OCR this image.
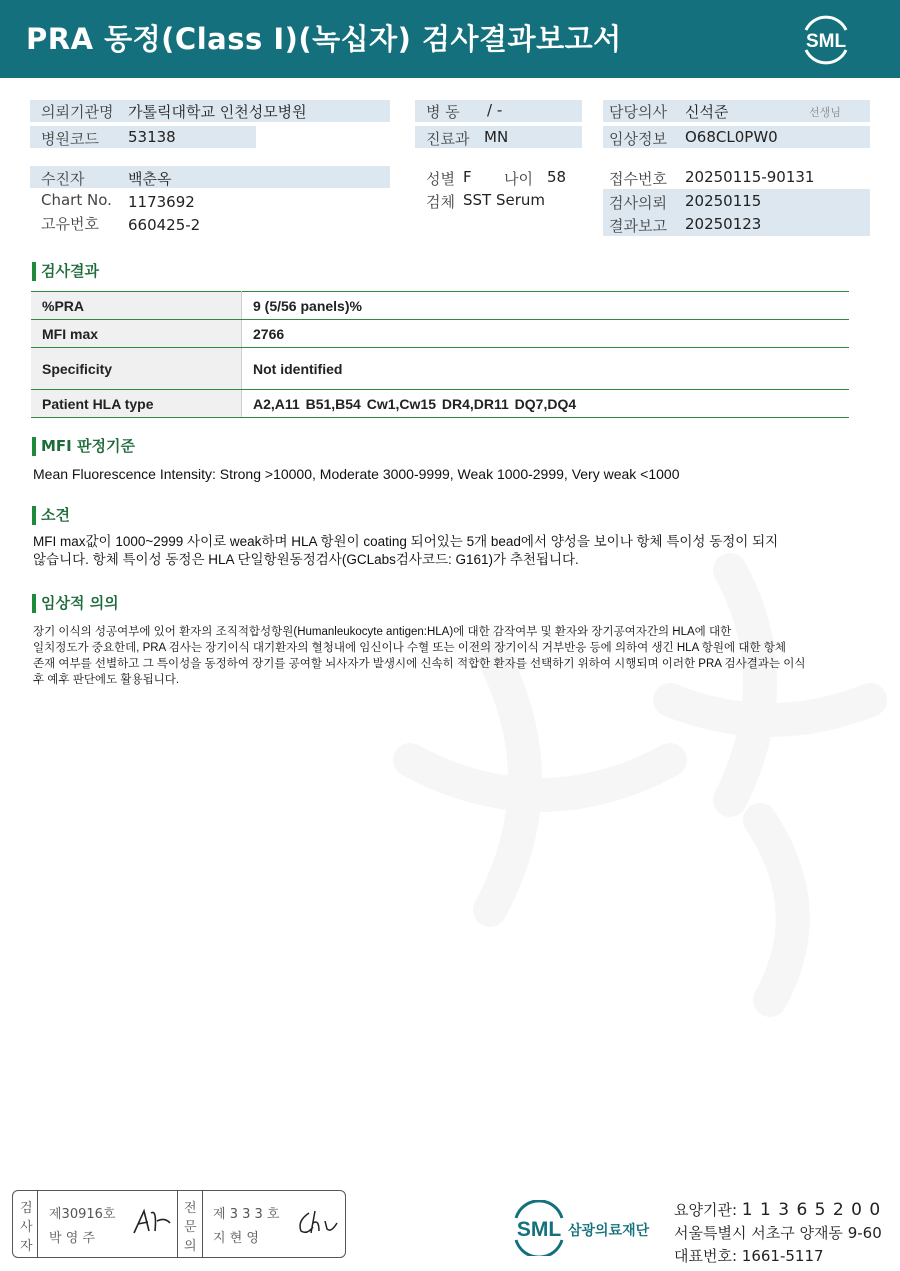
PRA 동정(Class I)(녹십자) 검사결과보고서	SML
의뢰기관명 가톨릭대학교 인천성모병원
병원코드 53138
병 동 / -
진료과 MN
담당의사 신석준	선생님
임상정보 O68CL0PW0
수진자	백춘옥
Chart No. 1173692
고유번호 660425-2
성별 F 나이 58
검체 SST Serum
접수번호 20250115-90131
검사의뢰 20250115
결과보고 20250123
검사결과
%PRA	9 (5/56 panels)%
MFI max	2766
Specificity	Not identified
Patient HLA type	A2,A11 B51,B54 Cw1,Cw15 DR4,DR11 DQ7,DQ4
MFI 판정기준
Mean Fluorescence Intensity: Strong >10000, Moderate 3000-9999, Weak 1000-2999, Very weak <1000
소견
MFI max값이 1000~2999 사이로 weak하며 HLA 항원이 coating 되어있는 5개 bead에서 양성을 보이나 항체 특이성 동정이 되지
않습니다. 항체 특이성 동정은 HLA 단일항원동정검사(GCLabs검사코드: G161)가 추천됩니다.
임상적 의의
장기 이식의 성공여부에 있어 환자의 조직적합성항원(Humanleukocyte antigen:HLA)에 대한 감작여부 및 환자와 장기공여자간의 HLA에 대한
일치정도가 중요한데, PRA 검사는 장기이식 대기환자의 혈청내에 임신이나 수혈 또는 이전의 장기이식 거부반응 등에 의하여 생긴 HLA 항원에 대한 항체
존재 여부를 선별하고 그 특이성을 동정하여 장기를 공여할 뇌사자가 발생시에 신속히 적합한 환자를 선택하기 위하여 시행되며 이러한 PRA 검사결과는 이식
후 예후 판단에도 활용됩니다.
검
사
자
제30916호
박 영 주
전
문
의
제 3 3 3 호
지 현 영	SML 삼광의료재단
요양기관: 1 1 3 6 5 2 0 0
서울특별시 서초구 양재동 9-60
대표번호: 1661-5117
